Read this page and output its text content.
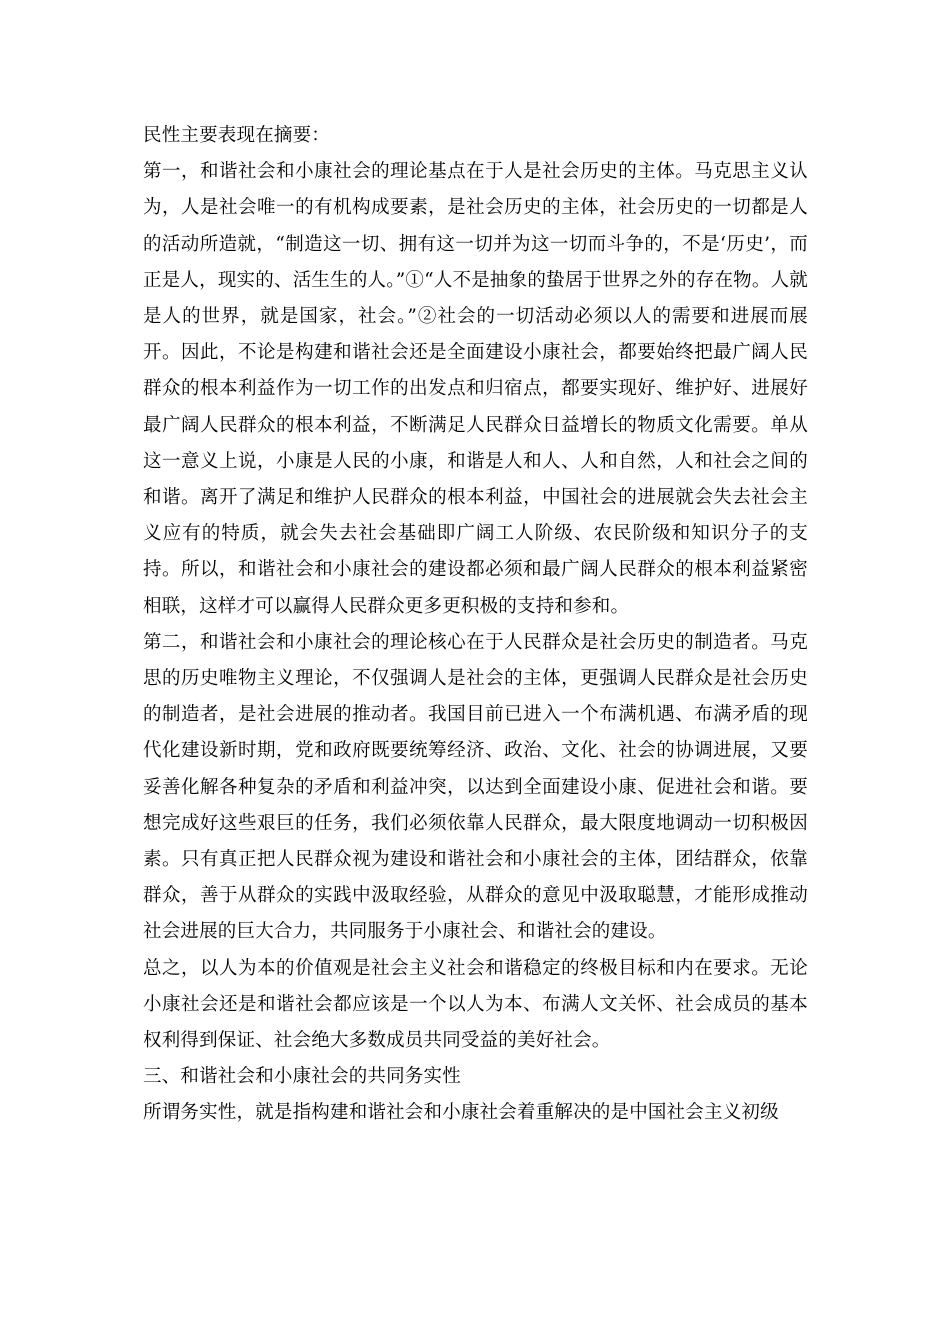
民性主要表现在摘要：

第一，和谐社会和小康社会的理论基点在于人是社会历史的主体。马克思主义认为，人是社会唯一的有机构成要素，是社会历史的主体，社会历史的一切都是人的活动所造就，“制造这一切、拥有这一切并为这一切而斗争的，不是‘历史’，而正是人，现实的、活生生的人。”①“人不是抽象的蛰居于世界之外的存在物。人就是人的世界，就是国家，社会。”②社会的一切活动必须以人的需要和进展而展开。因此，不论是构建和谐社会还是全面建设小康社会，都要始终把最广阔人民群众的根本利益作为一切工作的出发点和归宿点，都要实现好、维护好、进展好最广阔人民群众的根本利益，不断满足人民群众日益增长的物质文化需要。单从这一意义上说，小康是人民的小康，和谐是人和人、人和自然，人和社会之间的和谐。离开了满足和维护人民群众的根本利益，中国社会的进展就会失去社会主义应有的特质，就会失去社会基础即广阔工人阶级、农民阶级和知识分子的支持。所以，和谐社会和小康社会的建设都必须和最广阔人民群众的根本利益紧密相联，这样才可以赢得人民群众更多更积极的支持和参和。

第二，和谐社会和小康社会的理论核心在于人民群众是社会历史的制造者。马克思的历史唯物主义理论，不仅强调人是社会的主体，更强调人民群众是社会历史的制造者，是社会进展的推动者。我国目前已进入一个布满机遇、布满矛盾的现代化建设新时期，党和政府既要统筹经济、政治、文化、社会的协调进展，又要妥善化解各种复杂的矛盾和利益冲突，以达到全面建设小康、促进社会和谐。要想完成好这些艰巨的任务，我们必须依靠人民群众，最大限度地调动一切积极因素。只有真正把人民群众视为建设和谐社会和小康社会的主体，团结群众，依靠群众，善于从群众的实践中汲取经验，从群众的意见中汲取聪慧，才能形成推动社会进展的巨大合力，共同服务于小康社会、和谐社会的建设。

总之，以人为本的价值观是社会主义社会和谐稳定的终极目标和内在要求。无论小康社会还是和谐社会都应该是一个以人为本、布满人文关怀、社会成员的基本权利得到保证、社会绝大多数成员共同受益的美好社会。

三、和谐社会和小康社会的共同务实性

所谓务实性，就是指构建和谐社会和小康社会着重解决的是中国社会主义初级
